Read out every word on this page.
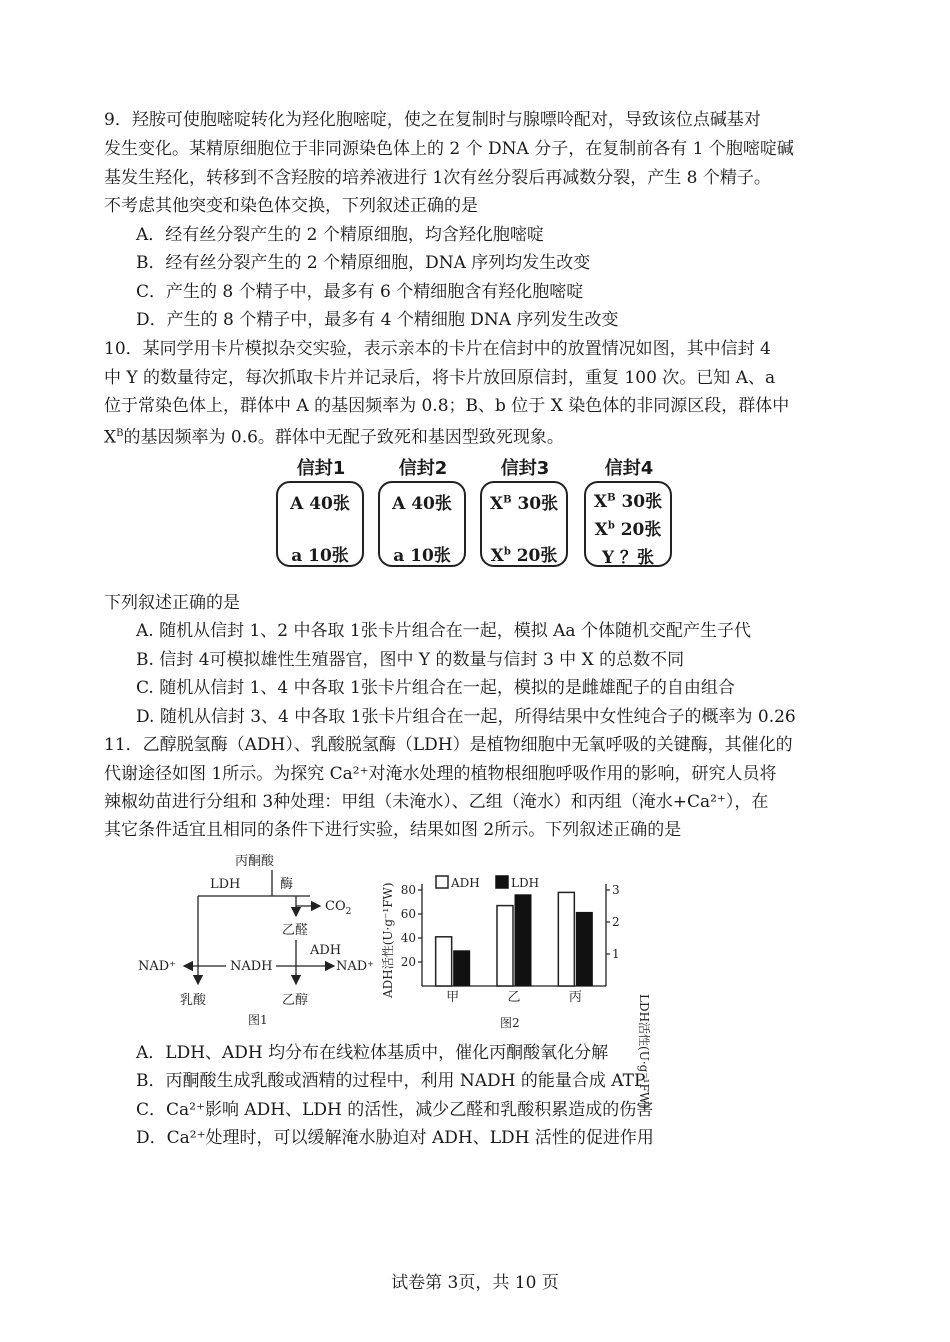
9．羟胺可使胞嘧啶转化为羟化胞嘧啶，使之在复制时与腺嘌呤配对，导致该位点碱基对
发生变化。某精原细胞位于非同源染色体上的 2 个 DNA 分子，在复制前各有 1 个胞嘧啶碱
基发生羟化，转移到不含羟胺的培养液进行 1次有丝分裂后再减数分裂，产生 8 个精子。
不考虑其他突变和染色体交换，下列叙述正确的是
A．经有丝分裂产生的 2 个精原细胞，均含羟化胞嘧啶
B．经有丝分裂产生的 2 个精原细胞，DNA 序列均发生改变
C．产生的 8 个精子中，最多有 6 个精细胞含有羟化胞嘧啶
D．产生的 8 个精子中，最多有 4 个精细胞 DNA 序列发生改变
10．某同学用卡片模拟杂交实验，表示亲本的卡片在信封中的放置情况如图，其中信封 4
中 Y 的数量待定，每次抓取卡片并记录后，将卡片放回原信封，重复 100 次。已知 A、a
位于常染色体上，群体中 A 的基因频率为 0.8；B、b 位于 X 染色体的非同源区段，群体中
$X^B$的基因频率为 0.6。群体中无配子致死和基因型致死现象。
信封1
A 40张
a 10张
信封2
A 40张
a 10张
信封3
$X^B$ 30张
$X^b$ 20张
信封4
$X^B$ 30张
$X^b$ 20张
Y ？张
下列叙述正确的是
A. 随机从信封 1、2 中各取 1张卡片组合在一起，模拟 Aa 个体随机交配产生子代
B. 信封 4可模拟雄性生殖器官，图中 Y 的数量与信封 3 中 X 的总数不同
C. 随机从信封 1、4 中各取 1张卡片组合在一起，模拟的是雌雄配子的自由组合
D. 随机从信封 3、4 中各取 1张卡片组合在一起，所得结果中女性纯合子的概率为 0.26
11．乙醇脱氢酶（ADH）、乳酸脱氢酶（LDH）是植物细胞中无氧呼吸的关键酶，其催化的
代谢途径如图 1所示。为探究 Ca²⁺对淹水处理的植物根细胞呼吸作用的影响，研究人员将
辣椒幼苗进行分组和 3种处理：甲组（未淹水）、乙组（淹水）和丙组（淹水+Ca²⁺），在
其它条件适宜且相同的条件下进行实验，结果如图 2所示。下列叙述正确的是
丙酮酸
LDH	酶
$CO_2$
乙醛
ADH
NAD⁺	NADH	NAD⁺
乳酸	乙醇
图1
ADH活性(U·g⁻¹FW)
LDH活性(U·g⁻¹FW)
ADH	LDH
图2
20
40
60
80
1
2
3
甲	乙	丙
A．LDH、ADH 均分布在线粒体基质中，催化丙酮酸氧化分解
B．丙酮酸生成乳酸或酒精的过程中，利用 NADH 的能量合成 ATP
C．Ca²⁺影响 ADH、LDH 的活性，减少乙醛和乳酸积累造成的伤害
D．Ca²⁺处理时，可以缓解淹水胁迫对 ADH、LDH 活性的促进作用
试卷第 3页，共 10 页
